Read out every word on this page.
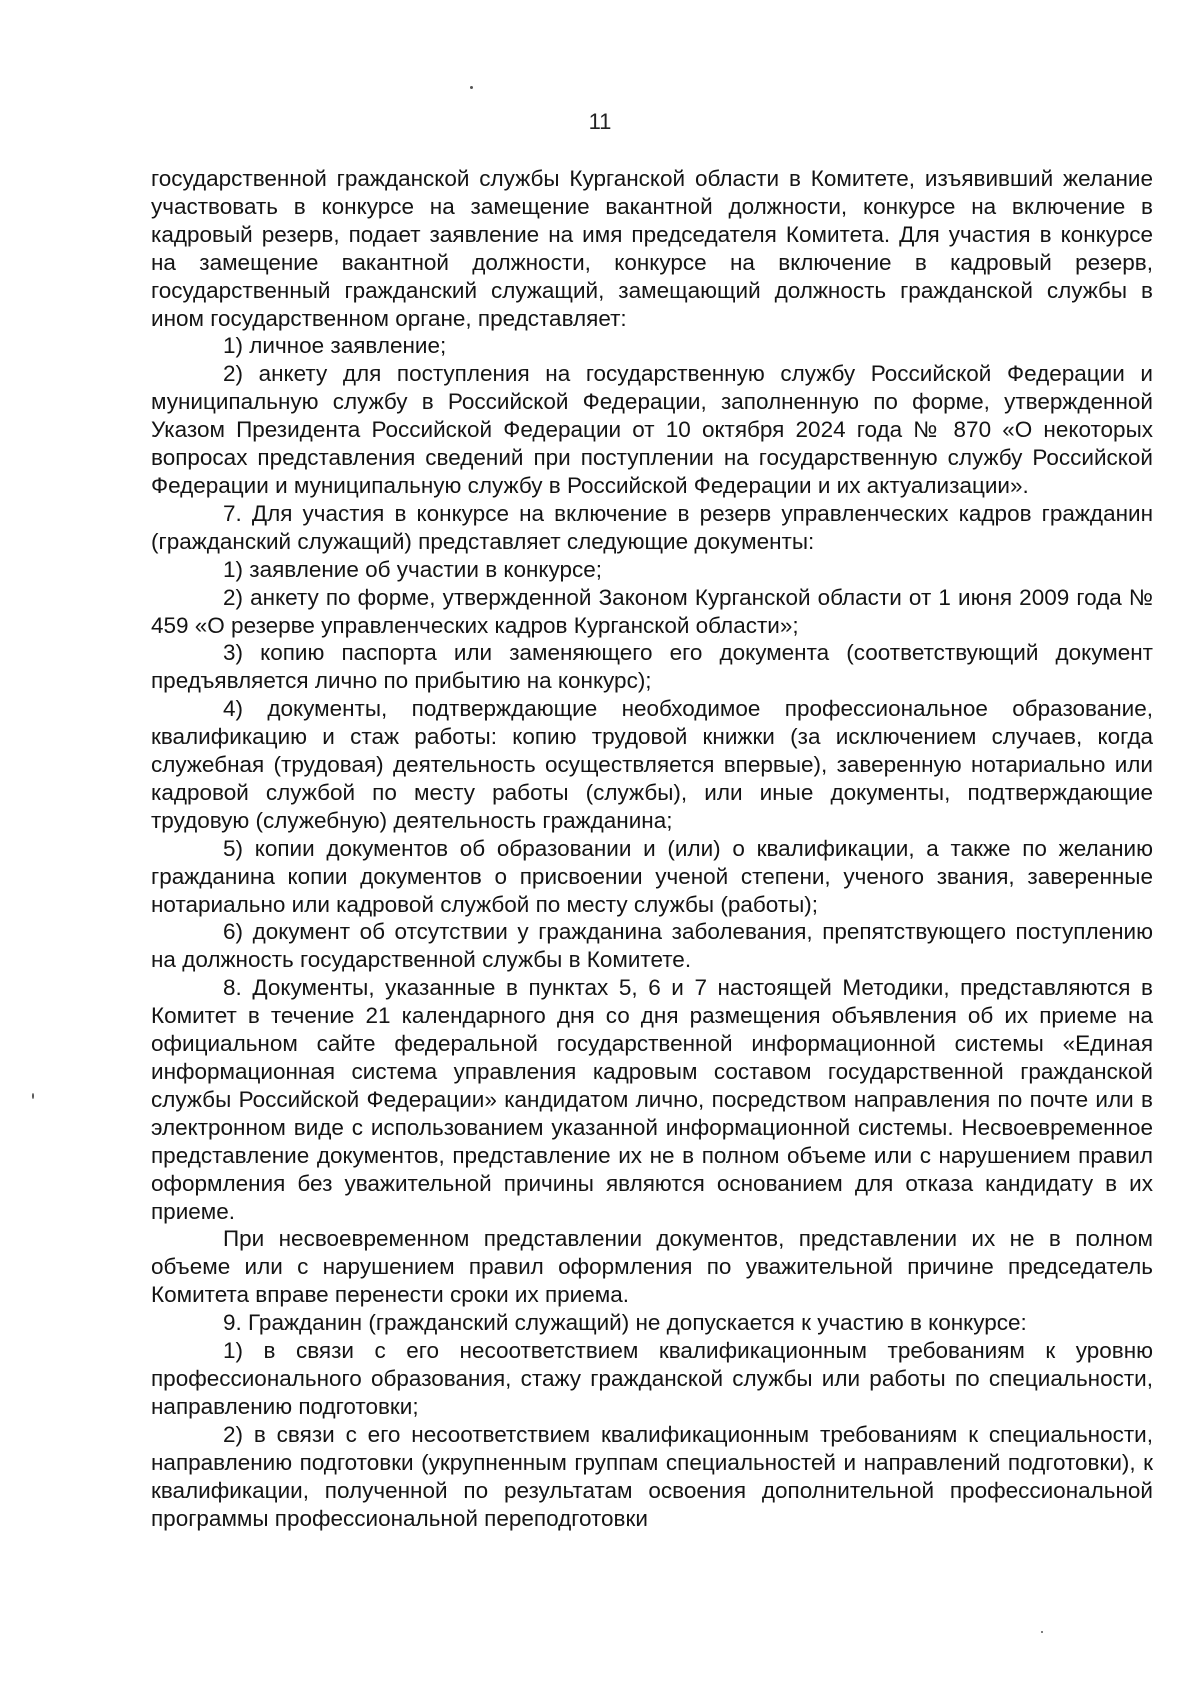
11

государственной гражданской службы Курганской области в Комитете, изъявивший желание участвовать в конкурсе на замещение вакантной должности, конкурсе на включение в кадровый резерв, подает заявление на имя председателя Комитета. Для участия в конкурсе на замещение вакантной должности, конкурсе на включение в кадровый резерв, государственный гражданский служащий, замещающий должность гражданской службы в ином государственном органе, представляет:

1) личное заявление;

2) анкету для поступления на государственную службу Российской Федерации и муниципальную службу в Российской Федерации, заполненную по форме, утвержденной Указом Президента Российской Федерации от 10 октября 2024 года № 870 «О некоторых вопросах представления сведений при поступлении на государственную службу Российской Федерации и муниципальную службу в Российской Федерации и их актуализации».

7. Для участия в конкурсе на включение в резерв управленческих кадров гражданин (гражданский служащий) представляет следующие документы:

1) заявление об участии в конкурсе;

2) анкету по форме, утвержденной Законом Курганской области от 1 июня 2009 года № 459 «О резерве управленческих кадров Курганской области»;

3) копию паспорта или заменяющего его документа (соответствующий документ предъявляется лично по прибытию на конкурс);

4) документы, подтверждающие необходимое профессиональное образование, квалификацию и стаж работы: копию трудовой книжки (за исключением случаев, когда служебная (трудовая) деятельность осуществляется впервые), заверенную нотариально или кадровой службой по месту работы (службы), или иные документы, подтверждающие трудовую (служебную) деятельность гражданина;

5) копии документов об образовании и (или) о квалификации, а также по желанию гражданина копии документов о присвоении ученой степени, ученого звания, заверенные нотариально или кадровой службой по месту службы (работы);

6) документ об отсутствии у гражданина заболевания, препятствующего поступлению на должность государственной службы в Комитете.

8. Документы, указанные в пунктах 5, 6 и 7 настоящей Методики, представляются в Комитет в течение 21 календарного дня со дня размещения объявления об их приеме на официальном сайте федеральной государственной информационной системы «Единая информационная система управления кадровым составом государственной гражданской службы Российской Федерации» кандидатом лично, посредством направления по почте или в электронном виде с использованием указанной информационной системы. Несвоевременное представление документов, представление их не в полном объеме или с нарушением правил оформления без уважительной причины являются основанием для отказа кандидату в их приеме.

При несвоевременном представлении документов, представлении их не в полном объеме или с нарушением правил оформления по уважительной причине председатель Комитета вправе перенести сроки их приема.

9. Гражданин (гражданский служащий) не допускается к участию в конкурсе:

1) в связи с его несоответствием квалификационным требованиям к уровню профессионального образования, стажу гражданской службы или работы по специальности, направлению подготовки;

2) в связи с его несоответствием квалификационным требованиям к специальности, направлению подготовки (укрупненным группам специальностей и направлений подготовки), к квалификации, полученной по результатам освоения дополнительной профессиональной программы профессиональной переподготовки
